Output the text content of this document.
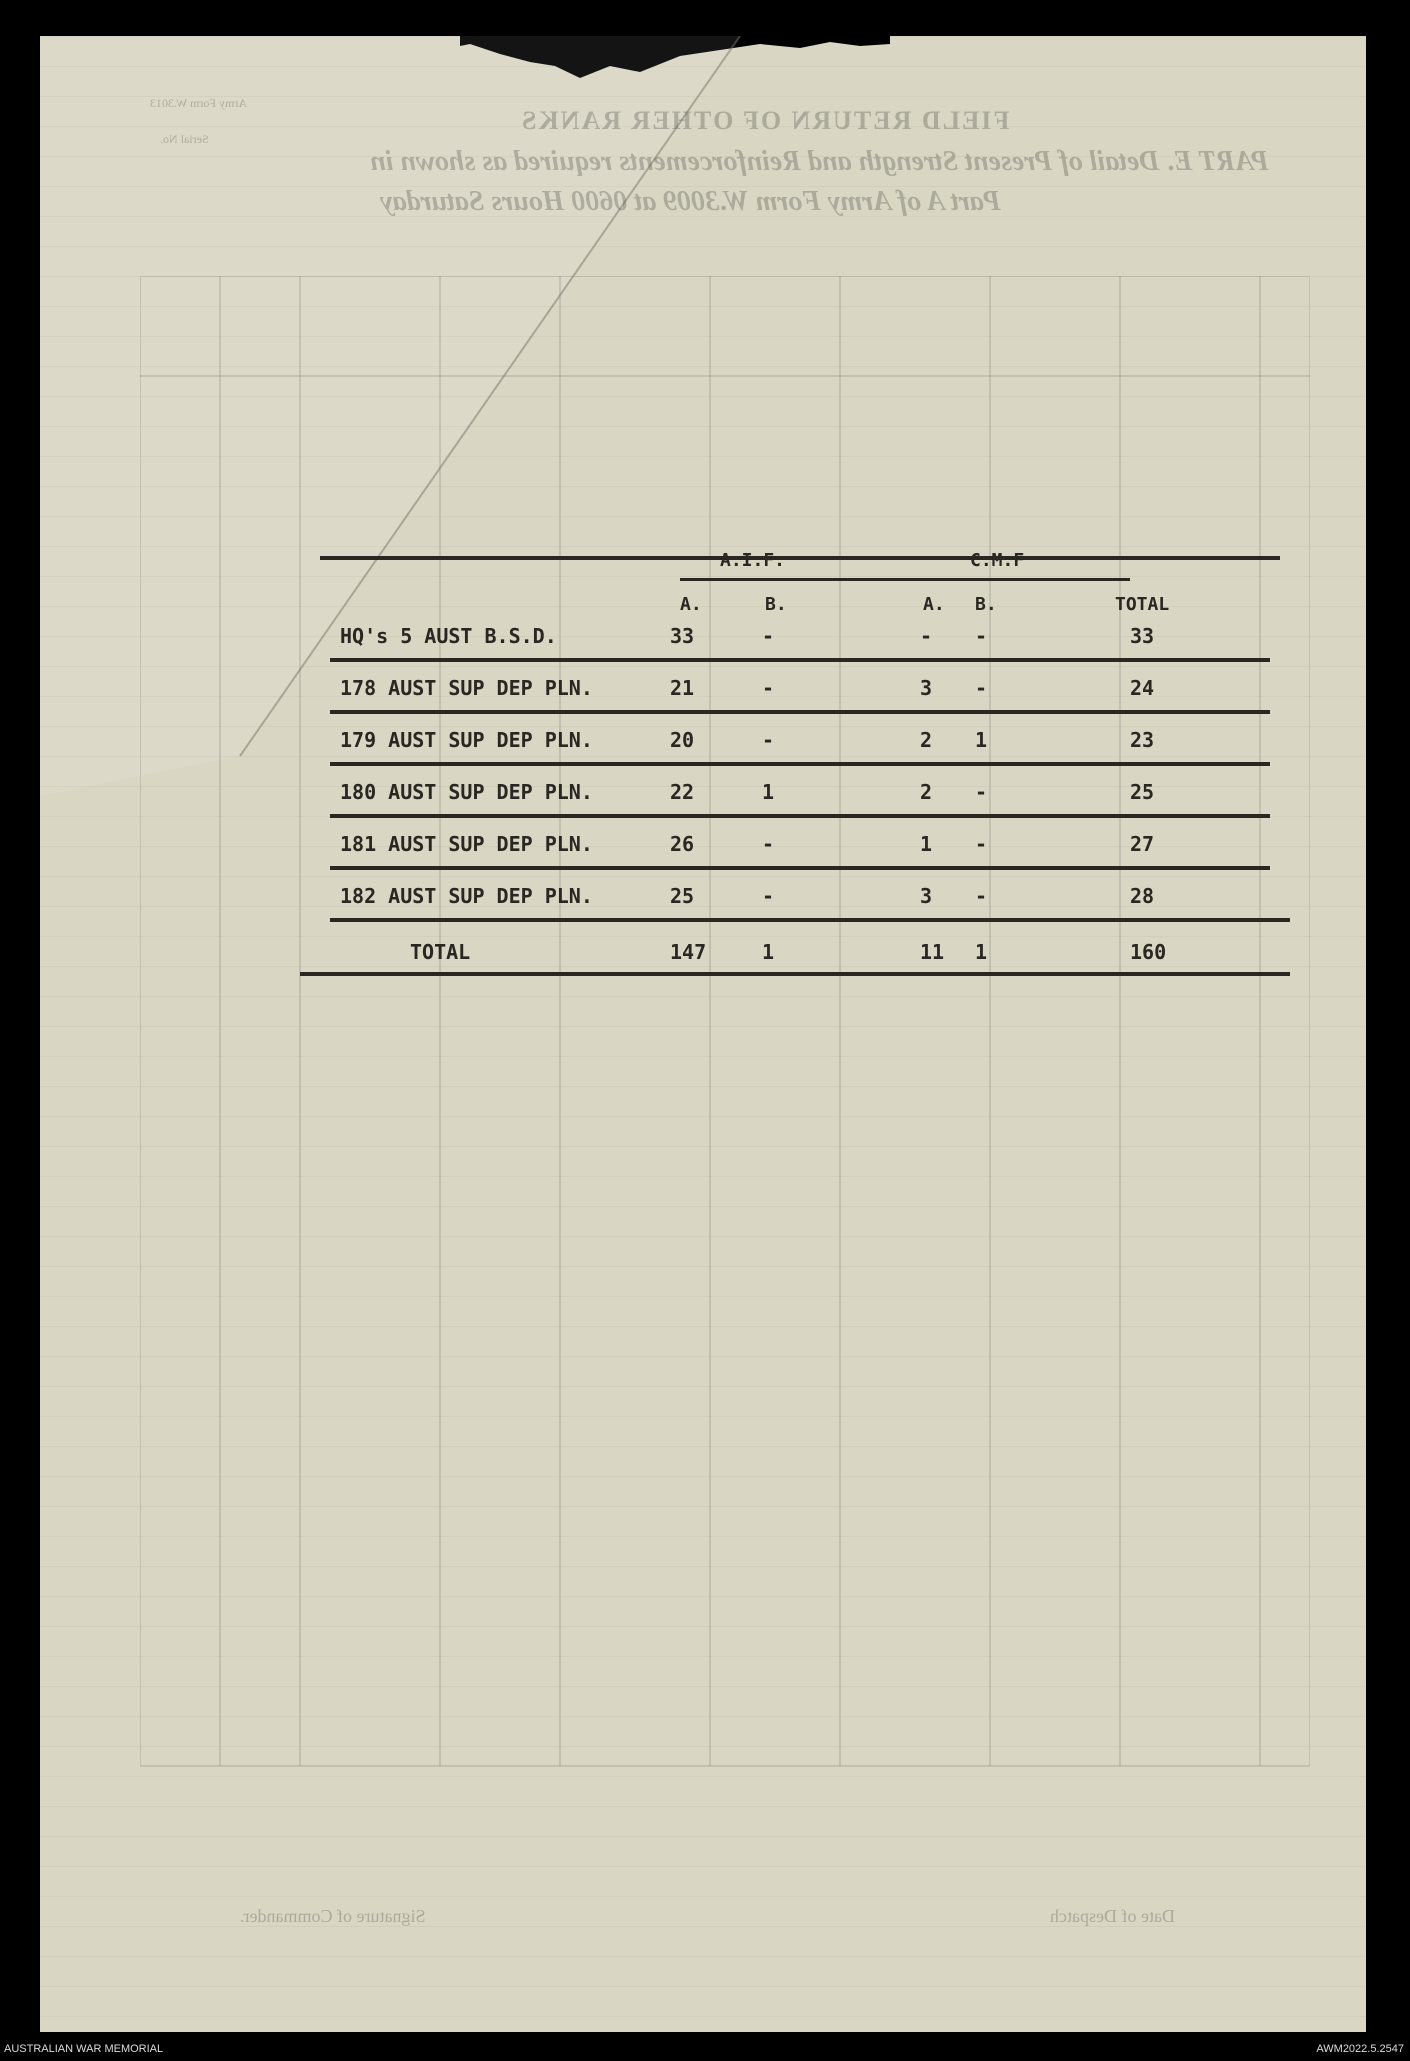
FIELD RETURN OF OTHER RANKS
PART E. Detail of Present Strength and Reinforcements required as shown in
Part A of Army Form W.3009 at 0600 Hours Saturday
Army Form W.3013
Serial No.
Signature of Commander.	Date of Despatch
A.I.F.	C.M.F
A.	B.	A. B.	TOTAL
HQ's 5 AUST B.S.D.	33	-	- -	33
178 AUST SUP DEP PLN.	21	-	3 -	24
179 AUST SUP DEP PLN.	20	-	2 1	23
180 AUST SUP DEP PLN.	22	1	2 -	25
181 AUST SUP DEP PLN.	26	-	1 -	27
182 AUST SUP DEP PLN.	25	-	3 -	28
TOTAL	147	1	11 1	160
AUSTRALIAN WAR MEMORIAL	AWM2022.5.2547
